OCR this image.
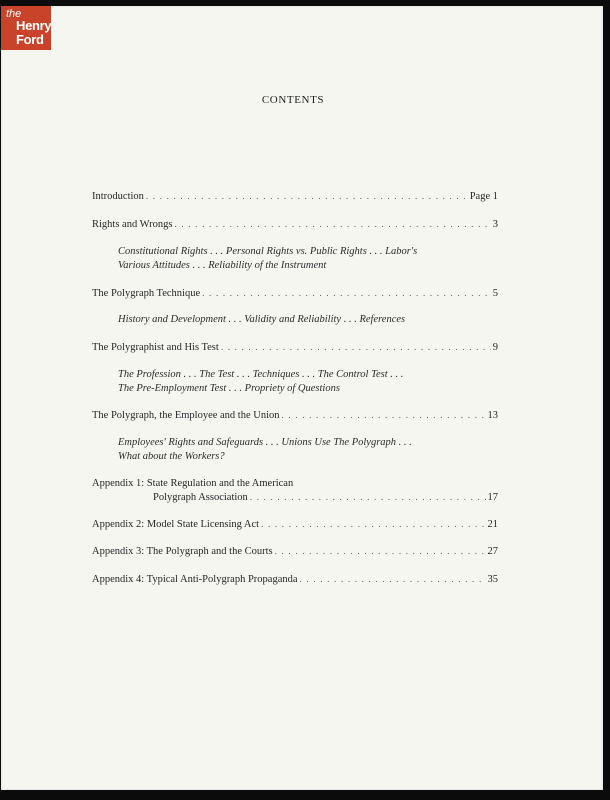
the
Henry
Ford
CONTENTS
Introduction . . .	Page 1
Rights and Wrongs . . .	3
Constitutional Rights . . . Personal Rights vs. Public Rights . . . Labor's
Various Attitudes . . . Reliability of the Instrument
The Polygraph Technique . . .	5
History and Development . . . Validity and Reliability . . . References
The Polygraphist and His Test . . .	9
The Profession . . . The Test . . . Techniques . . . The Control Test . . .
The Pre-Employment Test . . . Propriety of Questions
The Polygraph, the Employee and the Union . . .	13
Employees' Rights and Safeguards . . . Unions Use The Polygraph . . .
What about the Workers?
Appendix 1: State Regulation and the American
Polygraph Association . . .	17
Appendix 2: Model State Licensing Act . . .	21
Appendix 3: The Polygraph and the Courts . . .	27
Appendix 4: Typical Anti-Polygraph Propaganda . . .	35
